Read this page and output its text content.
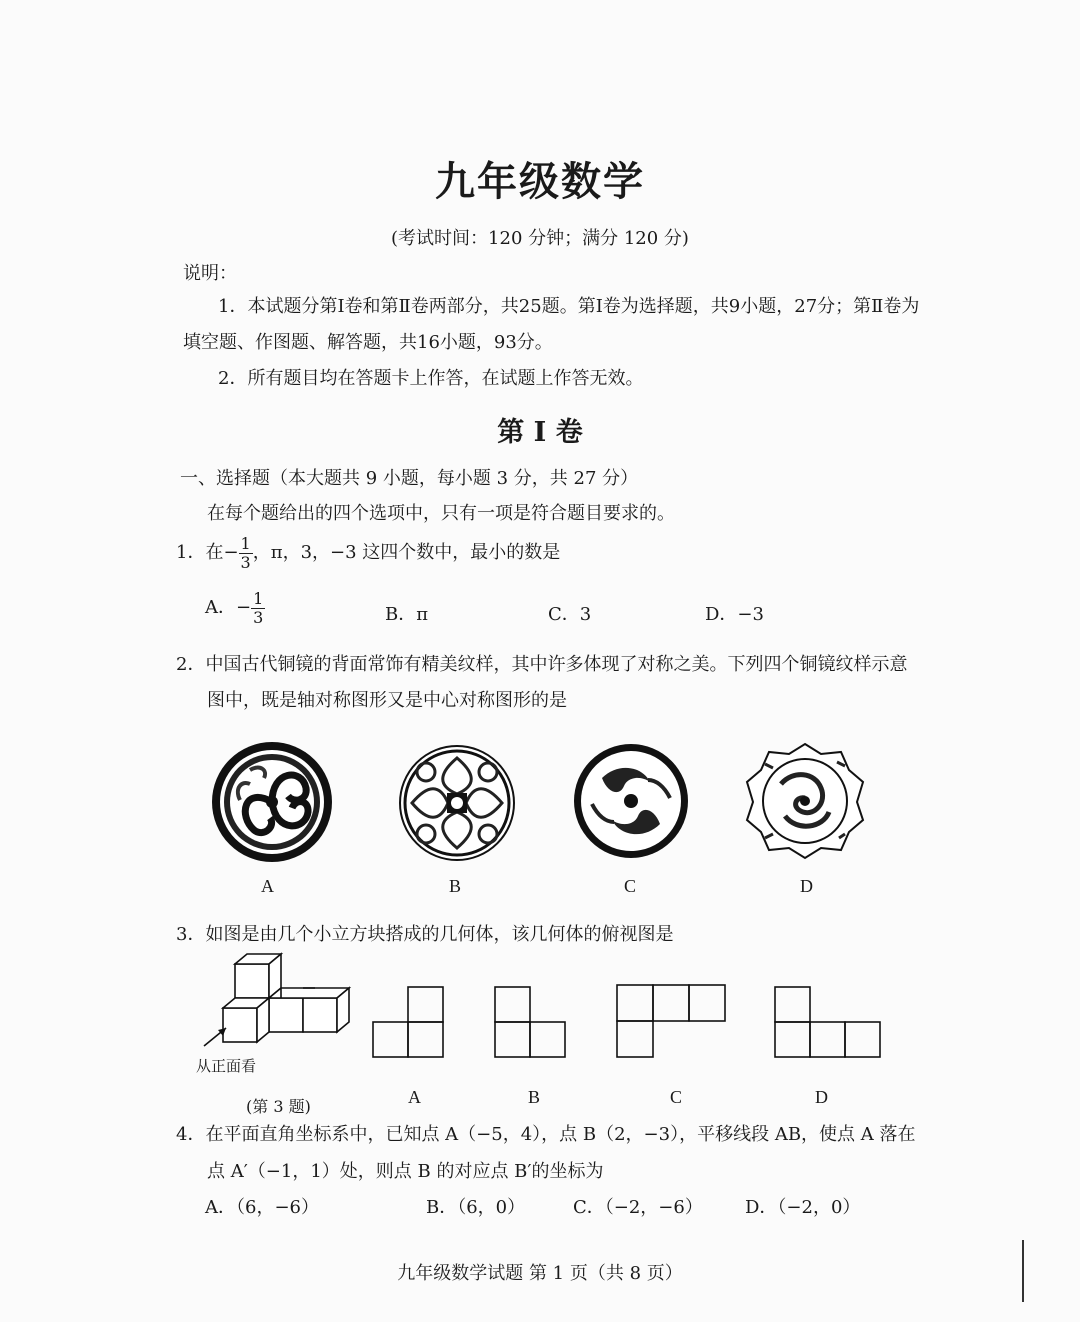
九年级数学
(考试时间：120 分钟；满分 120 分)
说明：
1．本试题分第Ⅰ卷和第Ⅱ卷两部分，共25题。第Ⅰ卷为选择题，共9小题，27分；第Ⅱ卷为
填空题、作图题、解答题，共16小题，93分。
2．所有题目均在答题卡上作答，在试题上作答无效。
第 Ⅰ 卷
一、选择题（本大题共 9 小题，每小题 3 分，共 27 分）
在每个题给出的四个选项中，只有一项是符合题目要求的。
1．在− $\frac{1}{3}$ ，π，3，−3 这四个数中，最小的数是
A．− $\frac{1}{3}$	B．π	C．3	D．−3
2．中国古代铜镜的背面常饰有精美纹样，其中许多体现了对称之美。下列四个铜镜纹样示意
图中，既是轴对称图形又是中心对称图形的是
A	B	C	D
3．如图是由几个小立方块搭成的几何体，该几何体的俯视图是
从正面看
(第 3 题)	A	B	C	D
4．在平面直角坐标系中，已知点 A（−5，4），点 B（2，−3），平移线段 AB，使点 A 落在
点 A′（−1，1）处，则点 B 的对应点 B′的坐标为
A．（6，−6）	B．（6，0）	C．（−2，−6） D．（−2，0）
九年级数学试题 第 1 页（共 8 页）
